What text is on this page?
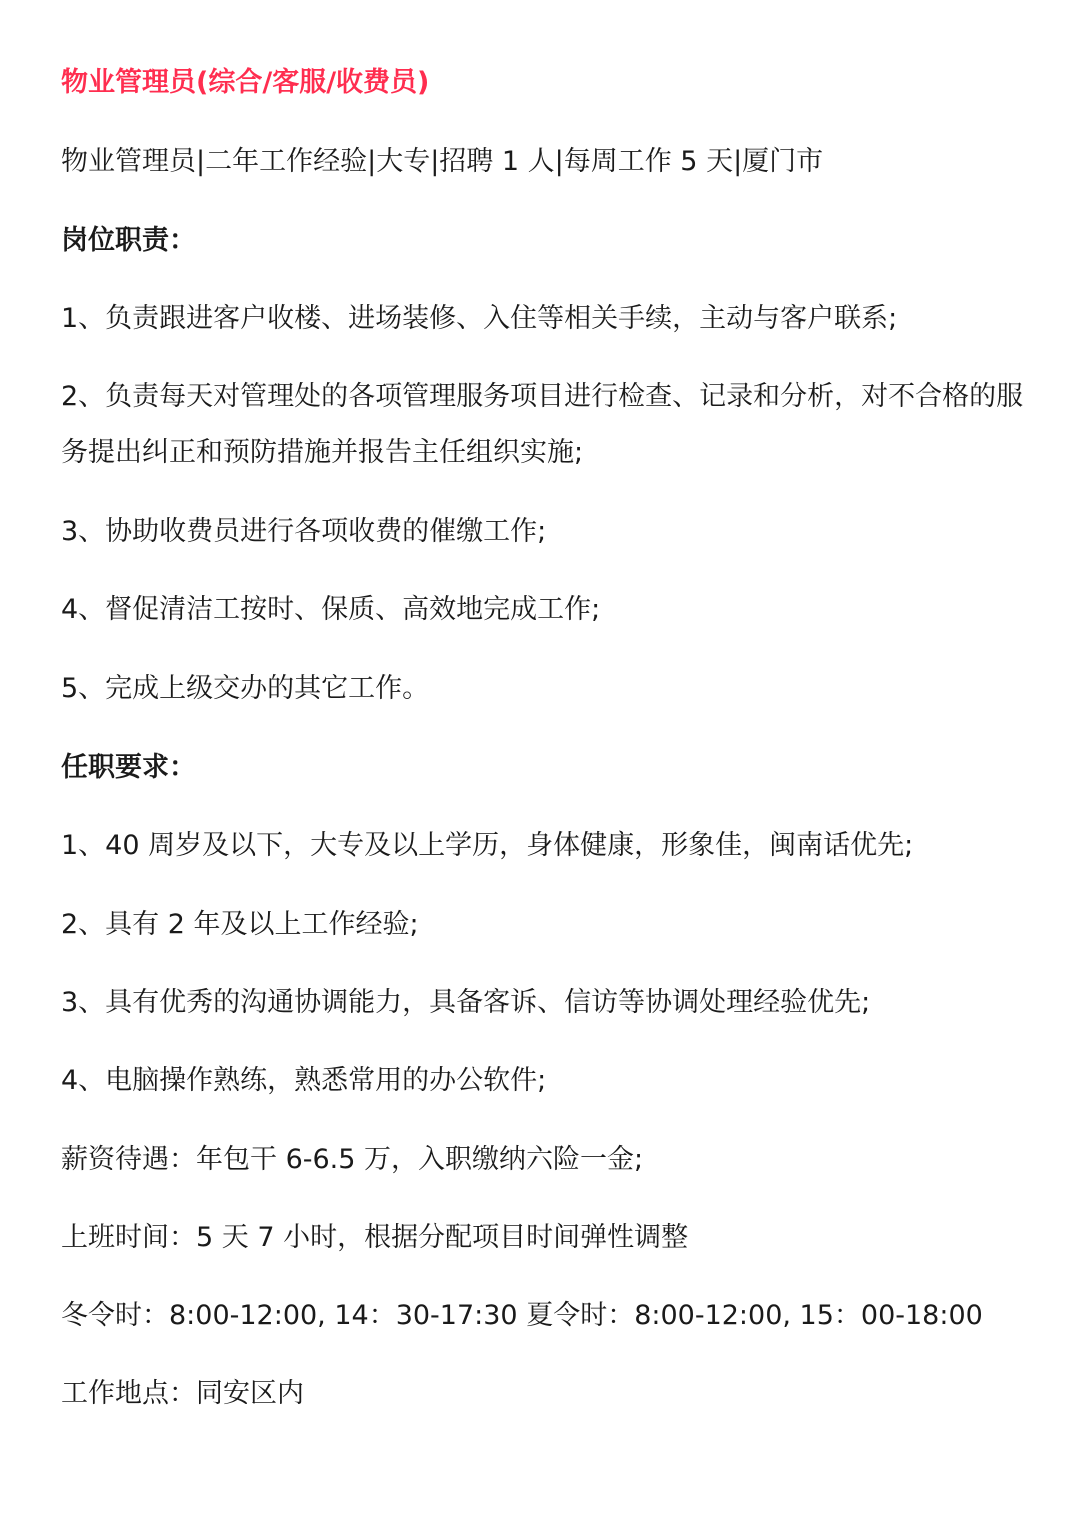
物业管理员(综合/客服/收费员)
物业管理员|二年工作经验|大专|招聘 1 人|每周工作 5 天|厦门市
岗位职责：
1、负责跟进客户收楼、进场装修、入住等相关手续，主动与客户联系;
2、负责每天对管理处的各项管理服务项目进行检查、记录和分析，对不合格的服务提出纠正和预防措施并报告主任组织实施;
3、协助收费员进行各项收费的催缴工作;
4、督促清洁工按时、保质、高效地完成工作;
5、完成上级交办的其它工作。
任职要求：
1、40 周岁及以下，大专及以上学历，身体健康，形象佳，闽南话优先;
2、具有 2 年及以上工作经验;
3、具有优秀的沟通协调能力，具备客诉、信访等协调处理经验优先;
4、电脑操作熟练，熟悉常用的办公软件;
薪资待遇：年包干 6-6.5 万，入职缴纳六险一金;
上班时间：5 天 7 小时，根据分配项目时间弹性调整
冬令时：8:00-12:00, 14：30-17:30 夏令时：8:00-12:00, 15：00-18:00
工作地点：同安区内
